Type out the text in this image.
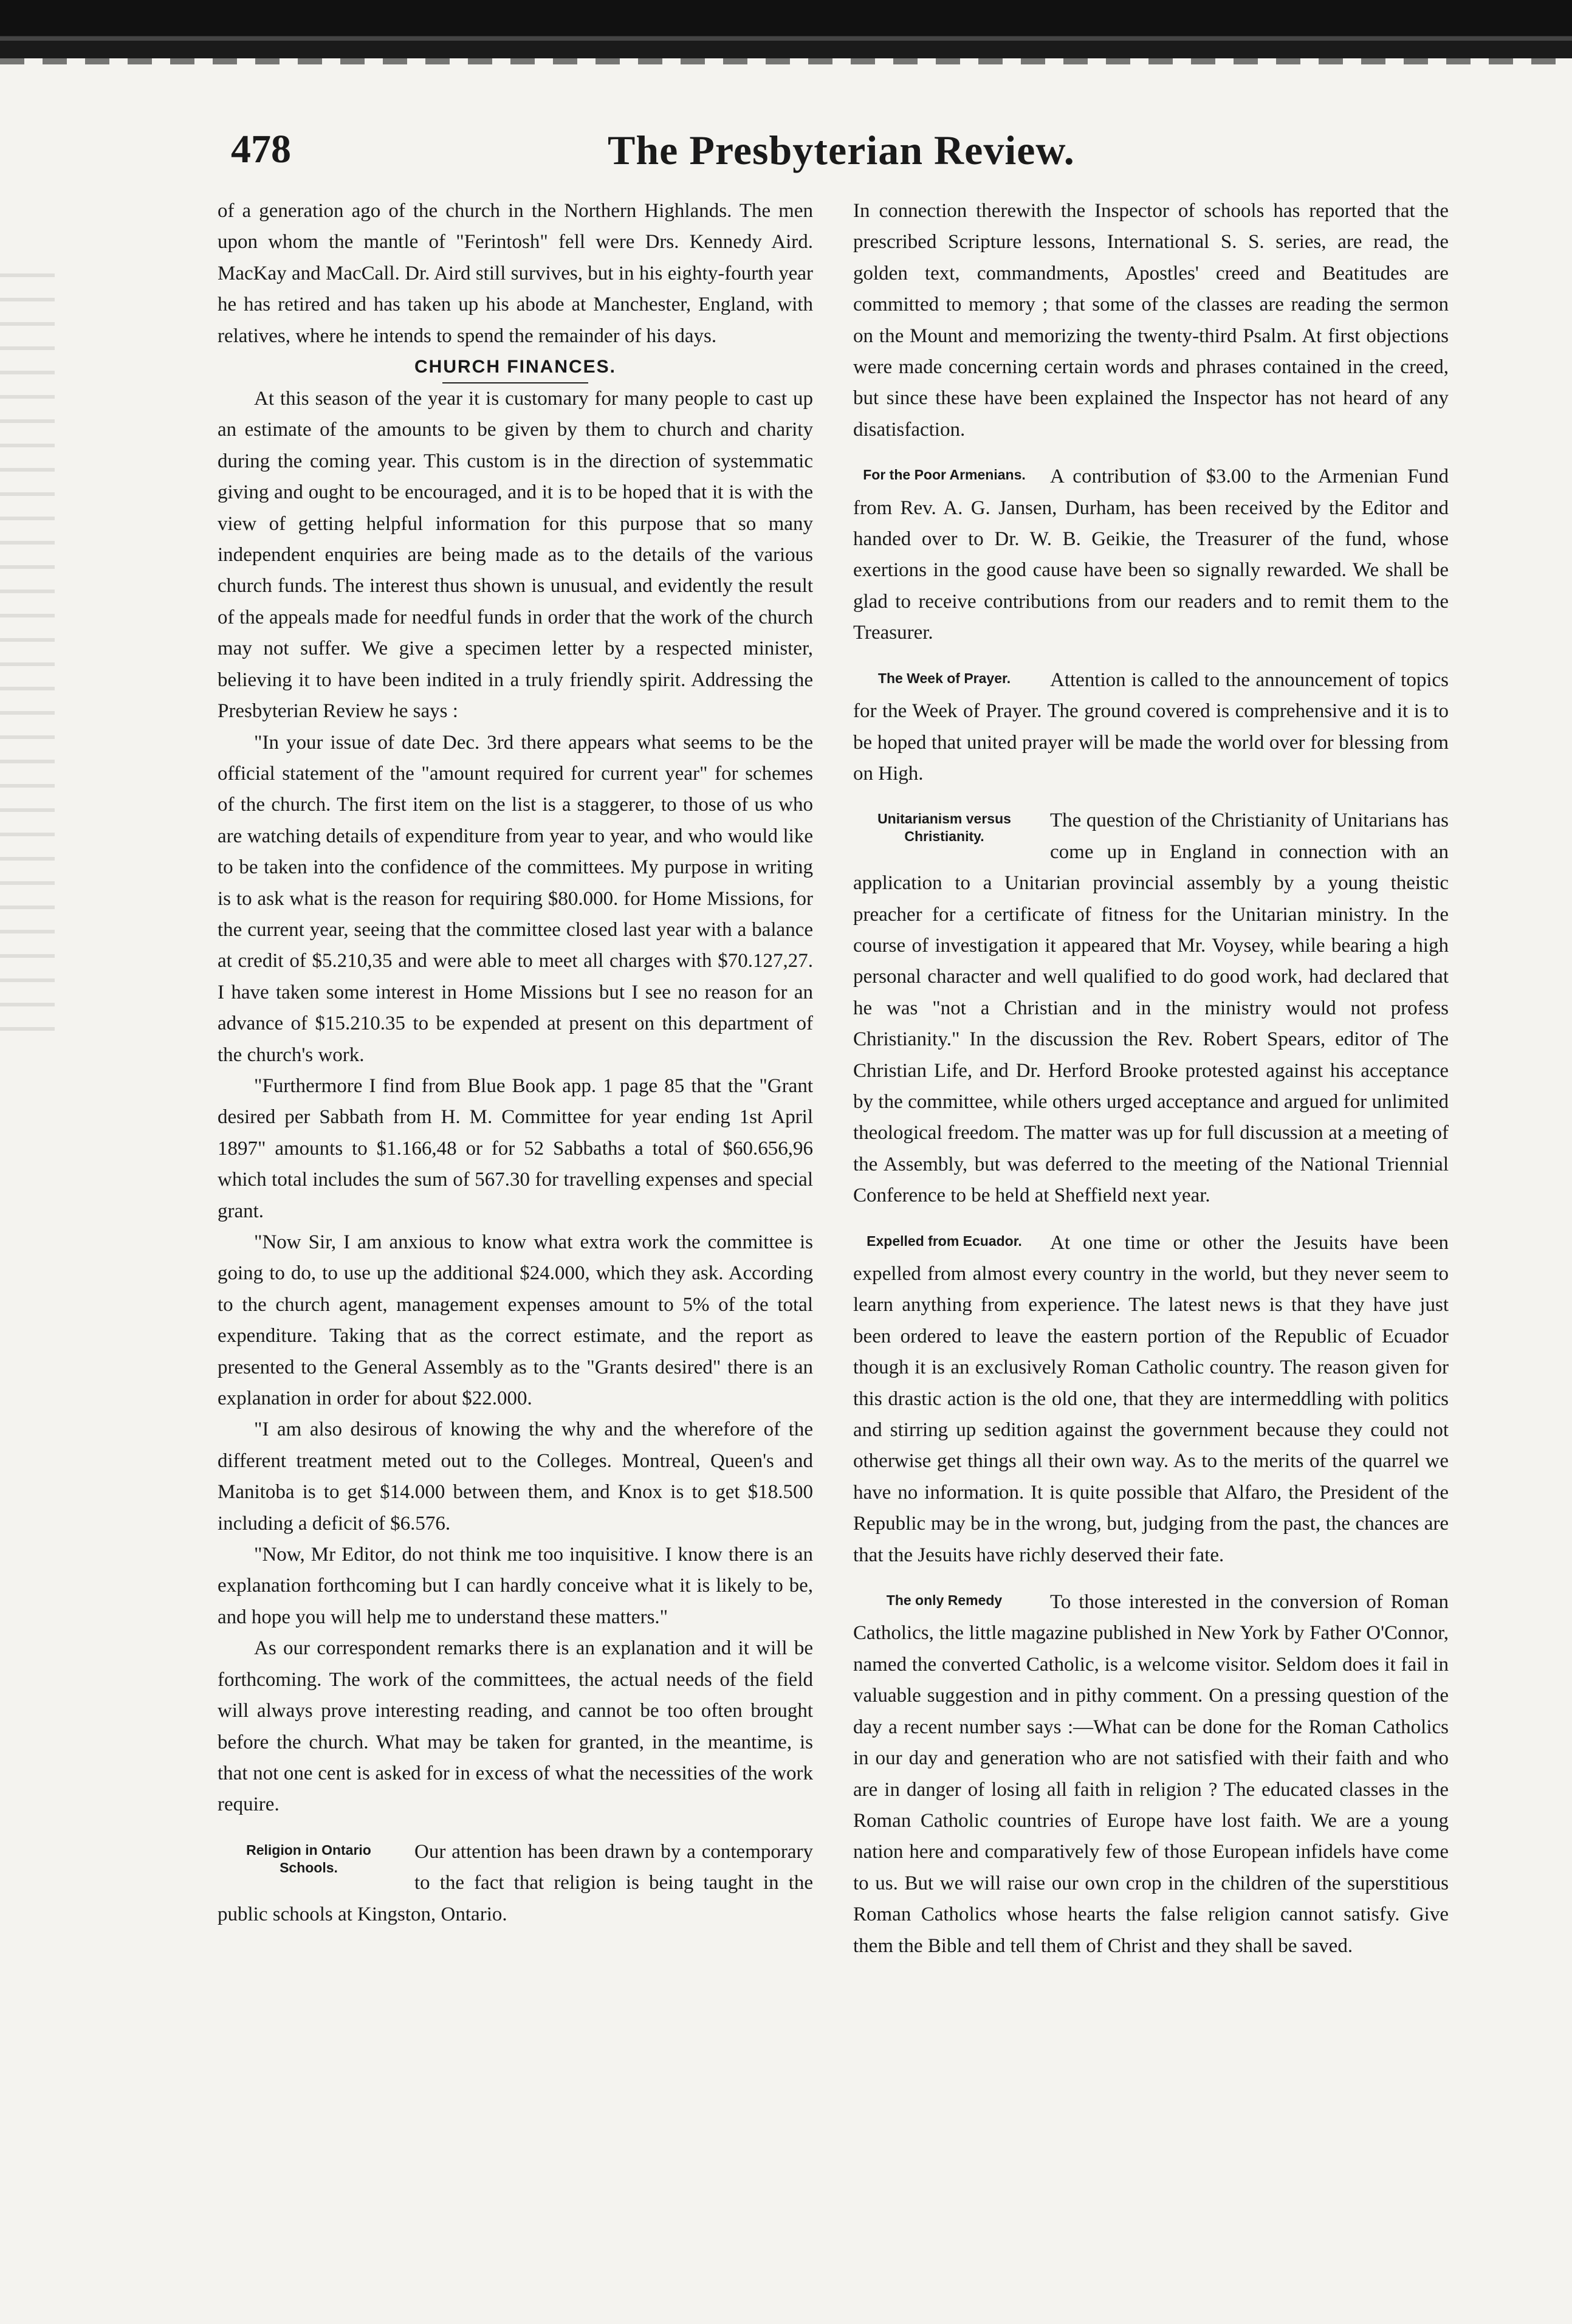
478	The Presbyterian Review.

of a generation ago of the church in the Northern Highlands. The men upon whom the mantle of "Ferintosh" fell were Drs. Kennedy Aird. MacKay and MacCall. Dr. Aird still survives, but in his eighty-fourth year he has retired and has taken up his abode at Manchester, England, with relatives, where he intends to spend the remainder of his days.

CHURCH FINANCES.

At this season of the year it is customary for many people to cast up an estimate of the amounts to be given by them to church and charity during the coming year. This custom is in the direction of systemmatic giving and ought to be encouraged, and it is to be hoped that it is with the view of getting helpful information for this purpose that so many independent enquiries are being made as to the details of the various church funds. The interest thus shown is unusual, and evidently the result of the appeals made for needful funds in order that the work of the church may not suffer. We give a specimen letter by a respected minister, believing it to have been indited in a truly friendly spirit. Addressing the Presbyterian Review he says :

"In your issue of date Dec. 3rd there appears what seems to be the official statement of the "amount required for current year" for schemes of the church. The first item on the list is a staggerer, to those of us who are watching details of expenditure from year to year, and who would like to be taken into the confidence of the committees. My purpose in writing is to ask what is the reason for requiring $80.000. for Home Missions, for the current year, seeing that the committee closed last year with a balance at credit of $5.210,35 and were able to meet all charges with $70.127,27. I have taken some interest in Home Missions but I see no reason for an advance of $15.210.35 to be expended at present on this department of the church's work.

"Furthermore I find from Blue Book app. 1 page 85 that the "Grant desired per Sabbath from H. M. Committee for year ending 1st April 1897" amounts to $1.166,48 or for 52 Sabbaths a total of $60.656,96 which total includes the sum of 567.30 for travelling expenses and special grant.

"Now Sir, I am anxious to know what extra work the committee is going to do, to use up the additional $24.000, which they ask. According to the church agent, management expenses amount to 5% of the total expenditure. Taking that as the correct estimate, and the report as presented to the General Assembly as to the "Grants desired" there is an explanation in order for about $22.000.

"I am also desirous of knowing the why and the wherefore of the different treatment meted out to the Colleges. Montreal, Queen's and Manitoba is to get $14.000 between them, and Knox is to get $18.500 including a deficit of $6.576.

"Now, Mr Editor, do not think me too inquisitive. I know there is an explanation forthcoming but I can hardly conceive what it is likely to be, and hope you will help me to understand these matters."

As our correspondent remarks there is an explanation and it will be forthcoming. The work of the committees, the actual needs of the field will always prove interesting reading, and cannot be too often brought before the church. What may be taken for granted, in the meantime, is that not one cent is asked for in excess of what the necessities of the work require.

Religion in Ontario Schools.

Our attention has been drawn by a contemporary to the fact that religion is being taught in the public schools at Kingston, Ontario.

In connection therewith the Inspector of schools has reported that the prescribed Scripture lessons, International S. S. series, are read, the golden text, commandments, Apostles' creed and Beatitudes are committed to memory ; that some of the classes are reading the sermon on the Mount and memorizing the twenty-third Psalm. At first objections were made concerning certain words and phrases contained in the creed, but since these have been explained the Inspector has not heard of any disatisfaction.

For the Poor Armenians.	A contribution of $3.00 to the Armenian Fund from Rev. A. G. Jansen, Durham, has been received by the Editor and handed over to Dr. W. B. Geikie, the Treasurer of the fund, whose exertions in the good cause have been so signally rewarded. We shall be glad to receive contributions from our readers and to remit them to the Treasurer.

The Week of Prayer.	Attention is called to the announcement of topics for the Week of Prayer. The ground covered is comprehensive and it is to be hoped that united prayer will be made the world over for blessing from on High.

Unitarianism versus Christianity.

The question of the Christianity of Unitarians has come up in England in connection with an application to a Unitarian provincial assembly by a young theistic preacher for a certificate of fitness for the Unitarian ministry. In the course of investigation it appeared that Mr. Voysey, while bearing a high personal character and well qualified to do good work, had declared that he was "not a Christian and in the ministry would not profess Christianity." In the discussion the Rev. Robert Spears, editor of The Christian Life, and Dr. Herford Brooke protested against his acceptance by the committee, while others urged acceptance and argued for unlimited theological freedom. The matter was up for full discussion at a meeting of the Assembly, but was deferred to the meeting of the National Triennial Conference to be held at Sheffield next year.

Expelled from Ecuador.	At one time or other the Jesuits have been expelled from almost every country in the world, but they never seem to learn anything from experience. The latest news is that they have just been ordered to leave the eastern portion of the Republic of Ecuador though it is an exclusively Roman Catholic country. The reason given for this drastic action is the old one, that they are intermeddling with politics and stirring up sedition against the government because they could not otherwise get things all their own way. As to the merits of the quarrel we have no information. It is quite possible that Alfaro, the President of the Republic may be in the wrong, but, judging from the past, the chances are that the Jesuits have richly deserved their fate.

The only Remedy	To those interested in the conversion of Roman Catholics, the little magazine published in New York by Father O'Connor, named the converted Catholic, is a welcome visitor. Seldom does it fail in valuable suggestion and in pithy comment. On a pressing question of the day a recent number says :—What can be done for the Roman Catholics in our day and generation who are not satisfied with their faith and who are in danger of losing all faith in religion ? The educated classes in the Roman Catholic countries of Europe have lost faith. We are a young nation here and comparatively few of those European infidels have come to us. But we will raise our own crop in the children of the superstitious Roman Catholics whose hearts the false religion cannot satisfy. Give them the Bible and tell them of Christ and they shall be saved.
